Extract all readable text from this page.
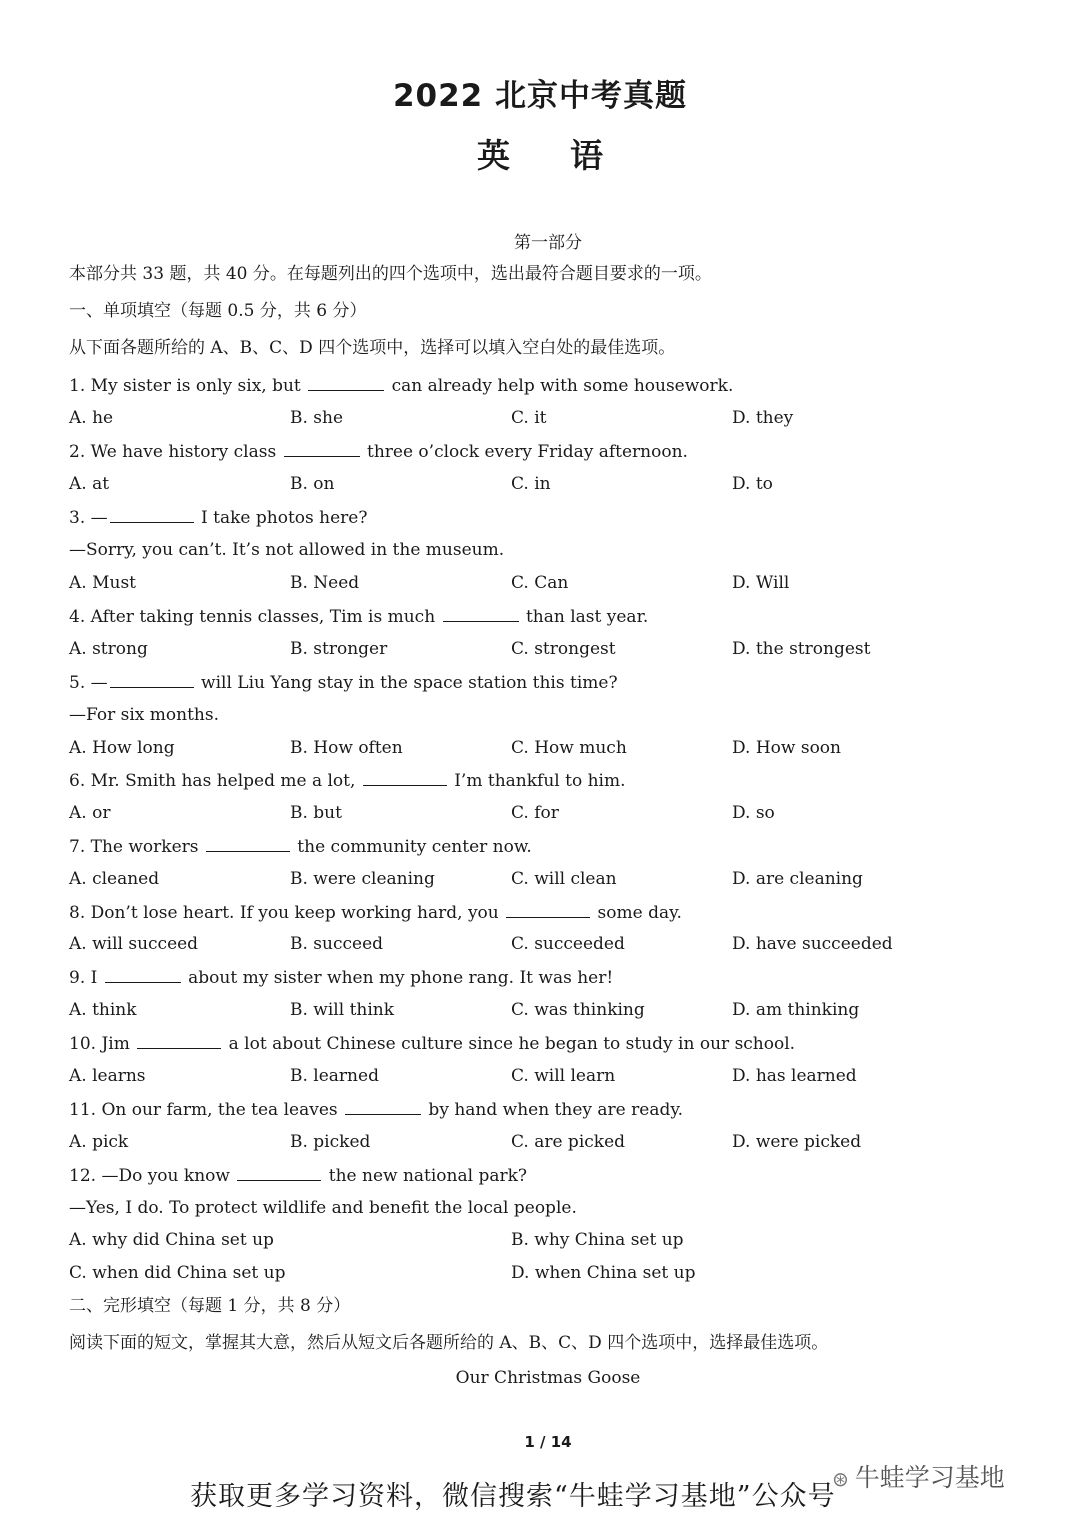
2022 北京中考真题
英语
第一部分
本部分共 33 题，共 40 分。在每题列出的四个选项中，选出最符合题目要求的一项。
一、单项填空（每题 0.5 分，共 6 分）
从下面各题所给的 A、B、C、D 四个选项中，选择可以填入空白处的最佳选项。
1. My sister is only six, but	can already help with some housework.
A. he	B. she	C. it	D. they
2. We have history class	three o’clock every Friday afternoon.
A. at	B. on	C. in	D. to
3. —	I take photos here?
—Sorry, you can’t. It’s not allowed in the museum.
A. Must	B. Need	C. Can	D. Will
4. After taking tennis classes, Tim is much	than last year.
A. strong	B. stronger	C. strongest	D. the strongest
5. —	will Liu Yang stay in the space station this time?
—For six months.
A. How long	B. How often	C. How much	D. How soon
6. Mr. Smith has helped me a lot,	I’m thankful to him.
A. or	B. but	C. for	D. so
7. The workers	the community center now.
A. cleaned	B. were cleaning	C. will clean	D. are cleaning
8. Don’t lose heart. If you keep working hard, you	some day.
A. will succeed	B. succeed	C. succeeded	D. have succeeded
9. I	about my sister when my phone rang. It was her!
A. think	B. will think	C. was thinking	D. am thinking
10. Jim	a lot about Chinese culture since he began to study in our school.
A. learns	B. learned	C. will learn	D. has learned
11. On our farm, the tea leaves	by hand when they are ready.
A. pick	B. picked	C. are picked	D. were picked
12. —Do you know	the new national park?
—Yes, I do. To protect wildlife and benefit the local people.
A. why did China set up	B. why China set up
C. when did China set up	D. when China set up
二、完形填空（每题 1 分，共 8 分）
阅读下面的短文，掌握其大意，然后从短文后各题所给的 A、B、C、D 四个选项中，选择最佳选项。
Our Christmas Goose
1 / 14
获取更多学习资料，微信搜索“牛蛙学习基地”公众号
⊛ 牛蛙学习基地
